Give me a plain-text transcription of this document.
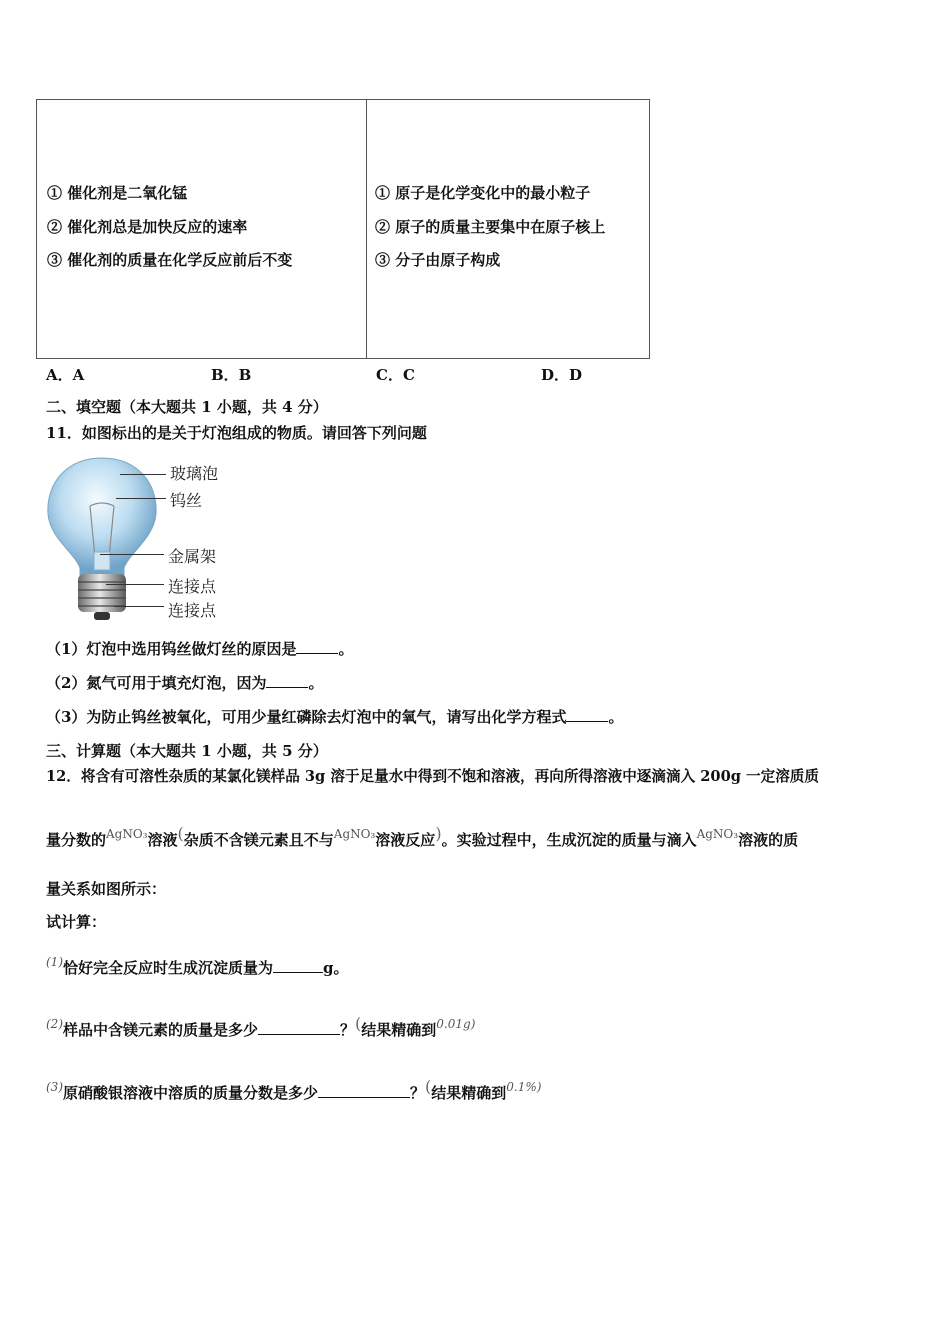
① 催化剂是二氧化锰
② 催化剂总是加快反应的速率
③ 催化剂的质量在化学反应前后不变
① 原子是化学变化中的最小粒子
② 原子的质量主要集中在原子核上
③ 分子由原子构成
A．A	B．B	C．C	D．D
二、填空题（本大题共 1 小题，共 4 分）
11．如图标出的是关于灯泡组成的物质。请回答下列问题
玻璃泡
钨丝
金属架
连接点
连接点
（1）灯泡中选用钨丝做灯丝的原因是	。
（2）氮气可用于填充灯泡，因为	。
（3）为防止钨丝被氧化，可用少量红磷除去灯泡中的氧气，请写出化学方程式	。
三、计算题（本大题共 1 小题，共 5 分）
12．将含有可溶性杂质的某氯化镁样品 3g 溶于足量水中得到不饱和溶液，再向所得溶液中逐滴滴入 200g 一定溶质质
量分数的$^{AgNO_3}$溶液(杂质不含镁元素且不与$^{AgNO_3}$溶液反应)。实验过程中，生成沉淀的质量与滴入$^{AgNO_3}$溶液的质
量关系如图所示：
试计算：
$^{(1)}$恰好完全反应时生成沉淀质量为	g。
$^{(2)}$样品中含镁元素的质量是多少	？(结果精确到$^{0.01g)}$
$^{(3)}$原硝酸银溶液中溶质的质量分数是多少	？(结果精确到$^{0.1\%)}$
